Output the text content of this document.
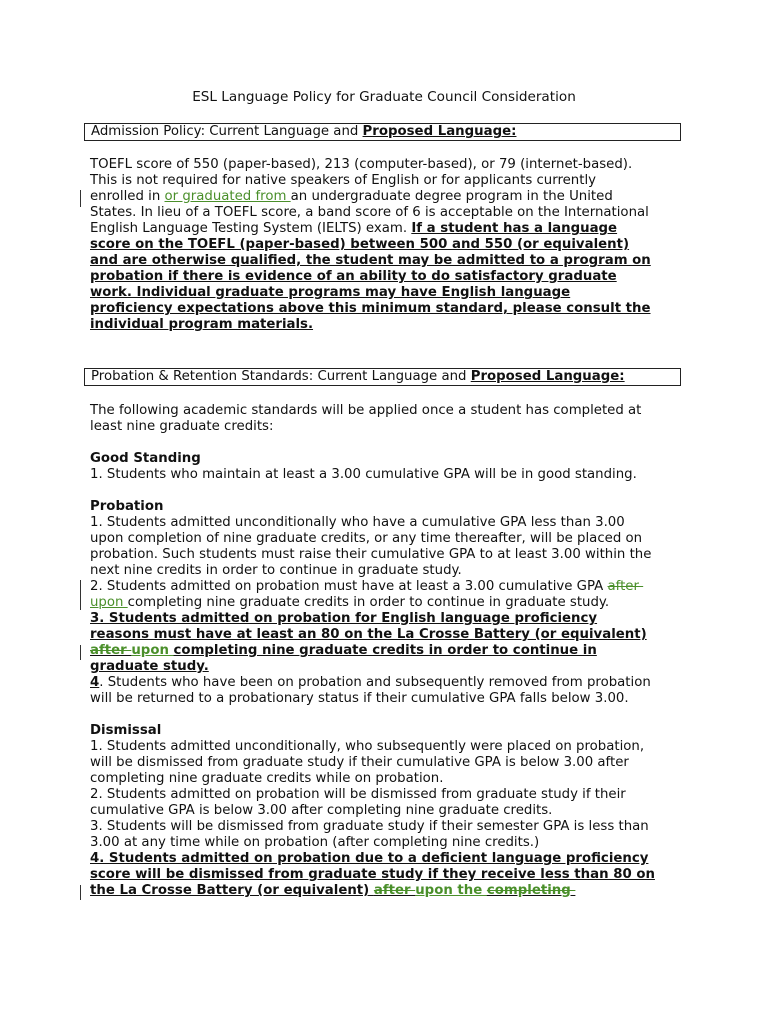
ESL Language Policy for Graduate Council Consideration
Admission Policy: Current Language and Proposed Language:
TOEFL score of 550 (paper-based), 213 (computer-based), or 79 (internet-based).
This is not required for native speakers of English or for applicants currently
enrolled in or graduated from an undergraduate degree program in the United
States. In lieu of a TOEFL score, a band score of 6 is acceptable on the International
English Language Testing System (IELTS) exam. If a student has a language
score on the TOEFL (paper-based) between 500 and 550 (or equivalent)
and are otherwise qualified, the student may be admitted to a program on
probation if there is evidence of an ability to do satisfactory graduate
work. Individual graduate programs may have English language
proficiency expectations above this minimum standard, please consult the
individual program materials.
Probation & Retention Standards: Current Language and Proposed Language:
The following academic standards will be applied once a student has completed at
least nine graduate credits:
Good Standing
1. Students who maintain at least a 3.00 cumulative GPA will be in good standing.
Probation
1. Students admitted unconditionally who have a cumulative GPA less than 3.00
upon completion of nine graduate credits, or any time thereafter, will be placed on
probation. Such students must raise their cumulative GPA to at least 3.00 within the
next nine credits in order to continue in graduate study.
2. Students admitted on probation must have at least a 3.00 cumulative GPA after
upon completing nine graduate credits in order to continue in graduate study.
3. Students admitted on probation for English language proficiency
reasons must have at least an 80 on the La Crosse Battery (or equivalent)
after upon completing nine graduate credits in order to continue in
graduate study.
4. Students who have been on probation and subsequently removed from probation
will be returned to a probationary status if their cumulative GPA falls below 3.00.
Dismissal
1. Students admitted unconditionally, who subsequently were placed on probation,
will be dismissed from graduate study if their cumulative GPA is below 3.00 after
completing nine graduate credits while on probation.
2. Students admitted on probation will be dismissed from graduate study if their
cumulative GPA is below 3.00 after completing nine graduate credits.
3. Students will be dismissed from graduate study if their semester GPA is less than
3.00 at any time while on probation (after completing nine credits.)
4. Students admitted on probation due to a deficient language proficiency
score will be dismissed from graduate study if they receive less than 80 on
the La Crosse Battery (or equivalent) after upon the completing
